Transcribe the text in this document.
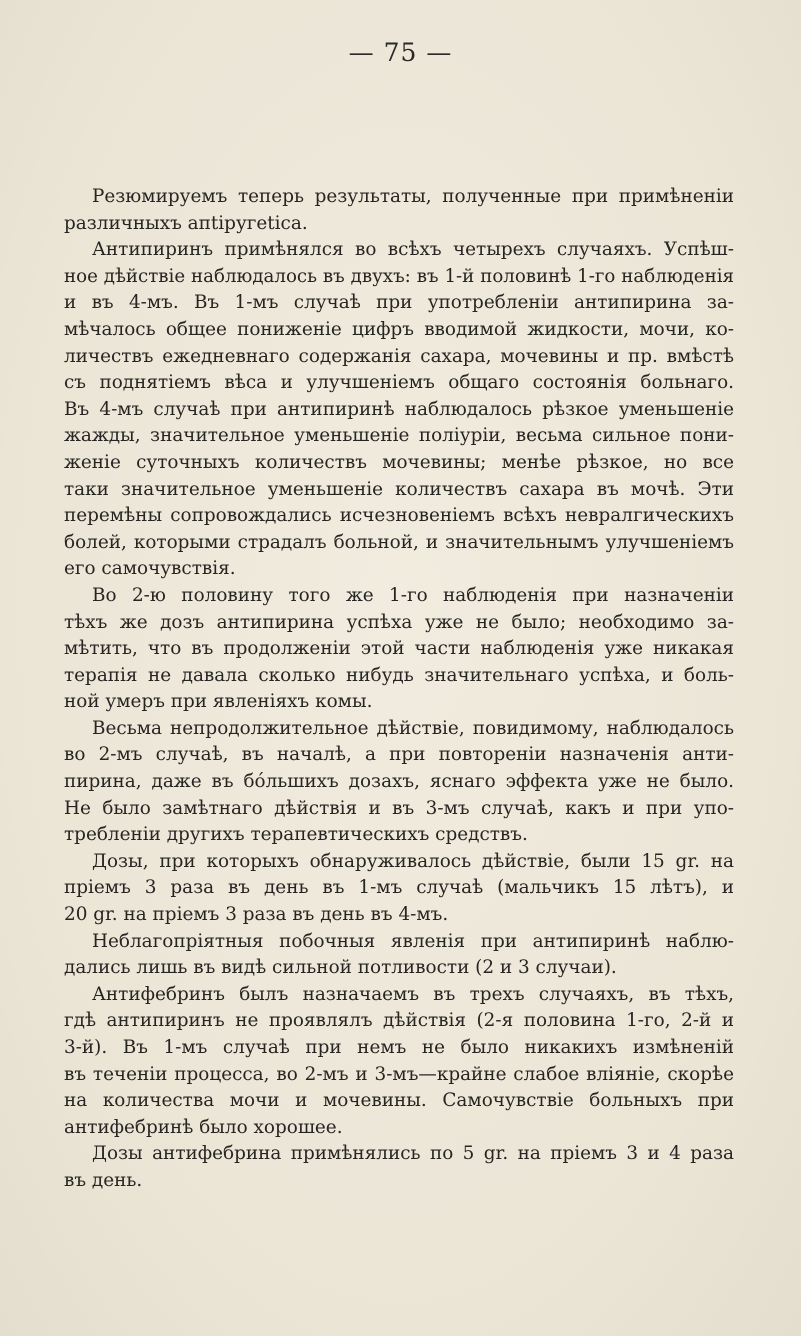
— 75 —
Резюмируемъ теперь результаты, полученные при примѣненіи
различныхъ апtiругеtiса.
Антипиринъ примѣнялся во всѣхъ четырехъ случаяхъ. Успѣш-
ное дѣйствіе наблюдалось въ двухъ: въ 1-й половинѣ 1-го наблюденія
и въ 4-мъ. Въ 1-мъ случаѣ при употребленіи антипирина за-
мѣчалось общее пониженіе цифръ вводимой жидкости, мочи, ко-
личествъ ежедневнаго содержанія сахара, мочевины и пр. вмѣстѣ
съ поднятіемъ вѣса и улучшеніемъ общаго состоянія больнаго.
Въ 4-мъ случаѣ при антипиринѣ наблюдалось рѣзкое уменьшеніе
жажды, значительное уменьшеніе поліуріи, весьма сильное пони-
женіе суточныхъ количествъ мочевины; менѣе рѣзкое, но все
таки значительное уменьшеніе количествъ сахара въ мочѣ. Эти
перемѣны сопровождались исчезновеніемъ всѣхъ невралгическихъ
болей, которыми страдалъ больной, и значительнымъ улучшеніемъ
его самочувствія.
Во 2-ю половину того же 1-го наблюденія при назначеніи
тѣхъ же дозъ антипирина успѣха уже не было; необходимо за-
мѣтить, что въ продолженіи этой части наблюденія уже никакая
терапія не давала сколько нибудь значительнаго успѣха, и боль-
ной умеръ при явленіяхъ комы.
Весьма непродолжительное дѣйствіе, повидимому, наблюдалось
во 2-мъ случаѣ, въ началѣ, а при повтореніи назначенія анти-
пирина, даже въ бóльшихъ дозахъ, яснаго эффекта уже не было.
Не было замѣтнаго дѣйствія и въ 3-мъ случаѣ, какъ и при упо-
требленіи другихъ терапевтическихъ средствъ.
Дозы, при которыхъ обнаруживалось дѣйствіе, были 15 gr. на
пріемъ 3 раза въ день въ 1-мъ случаѣ (мальчикъ 15 лѣтъ), и
20 gr. на пріемъ 3 раза въ день въ 4-мъ.
Неблагопріятныя побочныя явленія при антипиринѣ наблю-
дались лишь въ видѣ сильной потливости (2 и 3 случаи).
Антифебринъ былъ назначаемъ въ трехъ случаяхъ, въ тѣхъ,
гдѣ антипиринъ не проявлялъ дѣйствія (2-я половина 1-го, 2-й и
3-й). Въ 1-мъ случаѣ при немъ не было никакихъ измѣненій
въ теченіи процесса, во 2-мъ и 3-мъ—крайне слабое вліяніе, скорѣе
на количества мочи и мочевины. Самочувствіе больныхъ при
антифебринѣ было хорошее.
Дозы антифебрина примѣнялись по 5 gr. на пріемъ 3 и 4 раза
въ день.
